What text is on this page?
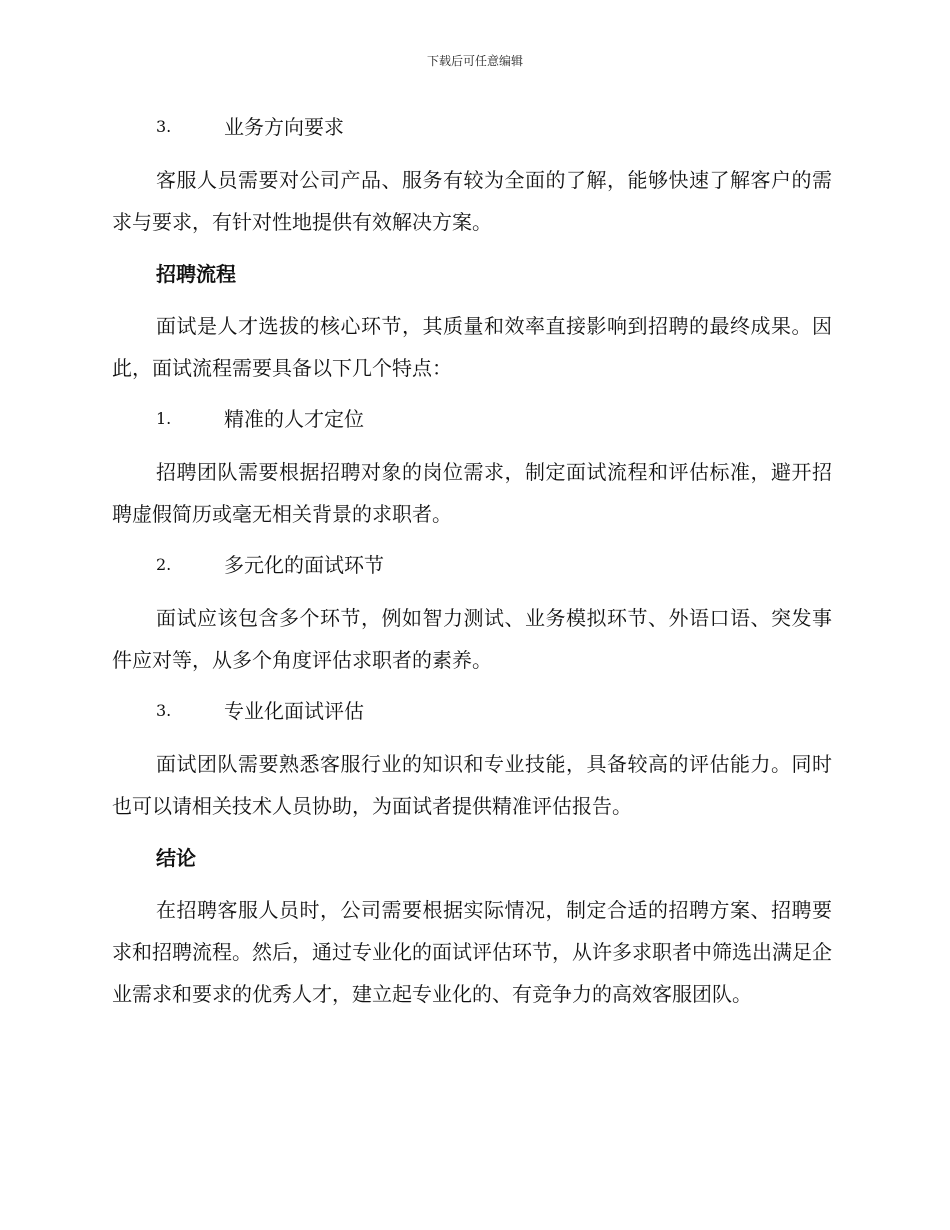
下载后可任意编辑
3.	业务方向要求

客服人员需要对公司产品、服务有较为全面的了解，能够快速了解客户的需求与要求，有针对性地提供有效解决方案。

招聘流程

面试是人才选拔的核心环节，其质量和效率直接影响到招聘的最终成果。因此，面试流程需要具备以下几个特点：

1.	精准的人才定位

招聘团队需要根据招聘对象的岗位需求，制定面试流程和评估标准，避开招聘虚假简历或毫无相关背景的求职者。

2.	多元化的面试环节

面试应该包含多个环节，例如智力测试、业务模拟环节、外语口语、突发事件应对等，从多个角度评估求职者的素养。

3.	专业化面试评估

面试团队需要熟悉客服行业的知识和专业技能，具备较高的评估能力。同时也可以请相关技术人员协助，为面试者提供精准评估报告。

结论

在招聘客服人员时，公司需要根据实际情况，制定合适的招聘方案、招聘要求和招聘流程。然后，通过专业化的面试评估环节，从许多求职者中筛选出满足企业需求和要求的优秀人才，建立起专业化的、有竞争力的高效客服团队。
